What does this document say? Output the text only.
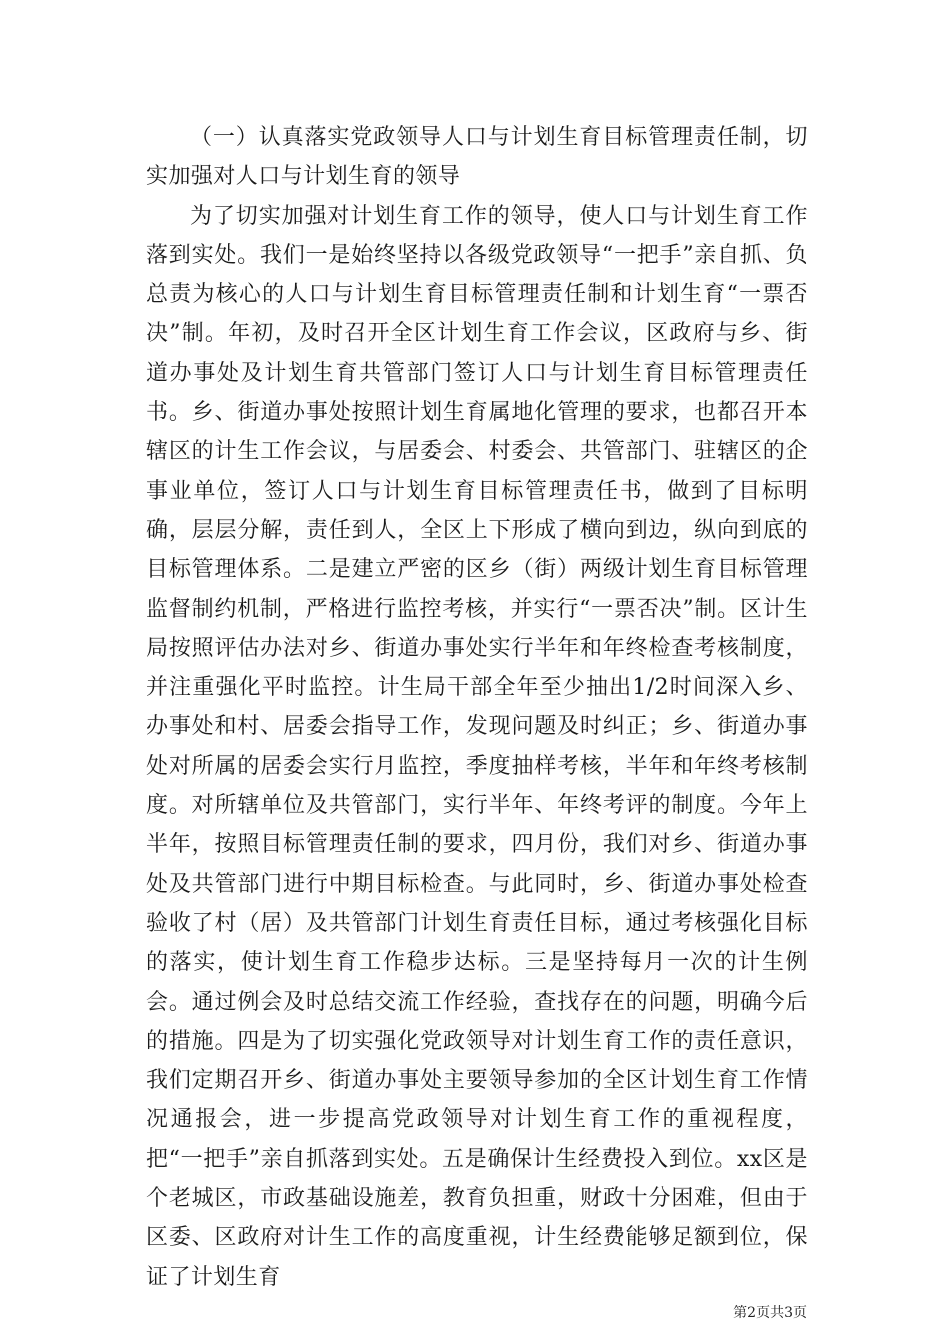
（一）认真落实党政领导人口与计划生育目标管理责任制，切实加强对人口与计划生育的领导

为了切实加强对计划生育工作的领导，使人口与计划生育工作落到实处。我们一是始终坚持以各级党政领导“一把手”亲自抓、负总责为核心的人口与计划生育目标管理责任制和计划生育“一票否决”制。年初，及时召开全区计划生育工作会议，区政府与乡、街道办事处及计划生育共管部门签订人口与计划生育目标管理责任书。乡、街道办事处按照计划生育属地化管理的要求，也都召开本辖区的计生工作会议，与居委会、村委会、共管部门、驻辖区的企事业单位，签订人口与计划生育目标管理责任书，做到了目标明确，层层分解，责任到人，全区上下形成了横向到边，纵向到底的目标管理体系。二是建立严密的区乡（街）两级计划生育目标管理监督制约机制，严格进行监控考核，并实行“一票否决”制。区计生局按照评估办法对乡、街道办事处实行半年和年终检查考核制度，并注重强化平时监控。计生局干部全年至少抽出1/2时间深入乡、办事处和村、居委会指导工作，发现问题及时纠正；乡、街道办事处对所属的居委会实行月监控，季度抽样考核，半年和年终考核制度。对所辖单位及共管部门，实行半年、年终考评的制度。今年上半年，按照目标管理责任制的要求，四月份，我们对乡、街道办事处及共管部门进行中期目标检查。与此同时，乡、街道办事处检查验收了村（居）及共管部门计划生育责任目标，通过考核强化目标的落实，使计划生育工作稳步达标。三是坚持每月一次的计生例会。通过例会及时总结交流工作经验，查找存在的问题，明确今后的措施。四是为了切实强化党政领导对计划生育工作的责任意识，我们定期召开乡、街道办事处主要领导参加的全区计划生育工作情况通报会，进一步提高党政领导对计划生育工作的重视程度，把“一把手”亲自抓落到实处。五是确保计生经费投入到位。xx区是个老城区，市政基础设施差，教育负担重，财政十分困难，但由于区委、区政府对计生工作的高度重视，计生经费能够足额到位，保证了计划生育

第2页共3页
